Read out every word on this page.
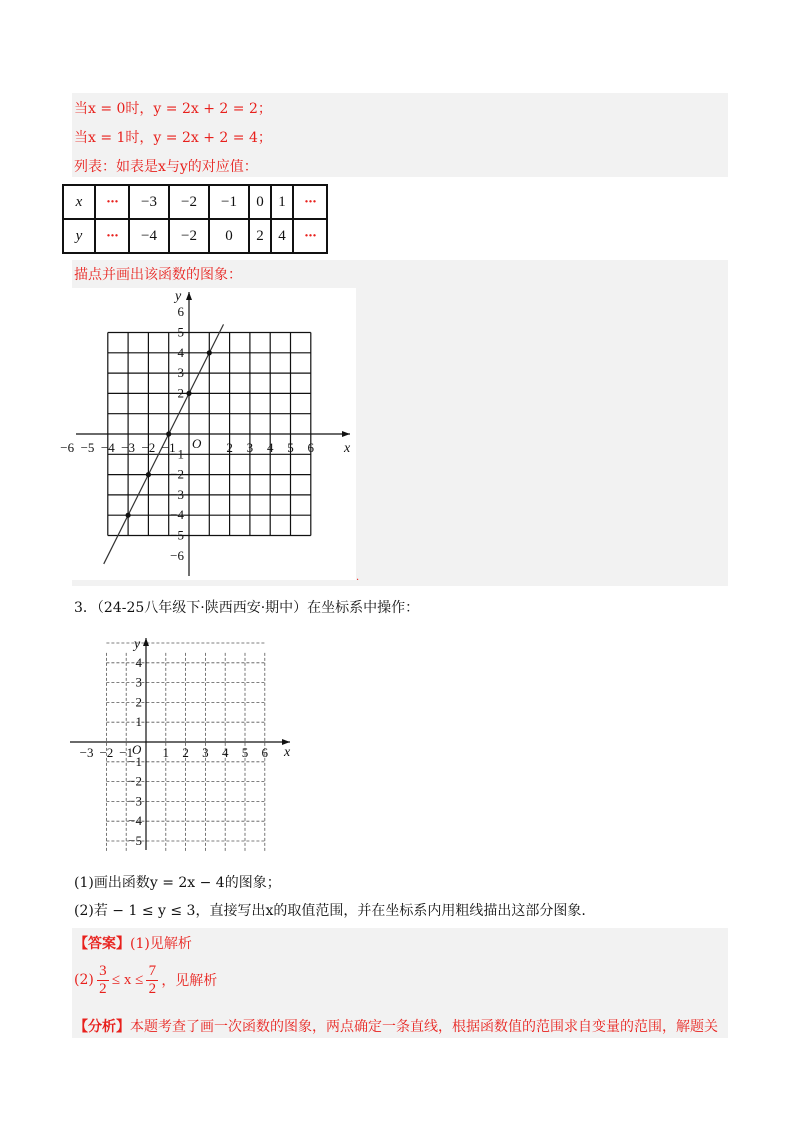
当x = 0时，y = 2x + 2 = 2；
当x = 1时，y = 2x + 2 = 4；
列表：如表是x与y的对应值：
x	···	−3	−2	−1	0	1	···
y	···	−4	−2	0	2	4	···
描点并画出该函数的图象：
−6 −5 −4 −3 −2 −1	2 3 4 5 6
6
5
4
3
2
−1
−2
−3
−4
−5
−6
x
y
O
.
3．（24-25八年级下·陕西西安·期中）在坐标系中操作：
−3 −2 −1 1 2 3 4 5 6
4
3
2
1
−1
−2
−3
−4
−5
x
y
O
(1)画出函数y = 2x − 4的图象；
(2)若 − 1 ≤ y ≤ 3，直接写出x的取值范围，并在坐标系内用粗线描出这部分图象.
【答案】(1)见解析
(2)
3
2
≤ x ≤
7
2 ，见解析
【分析】本题考查了画一次函数的图象，两点确定一条直线，根据函数值的范围求自变量的范围，解题关
